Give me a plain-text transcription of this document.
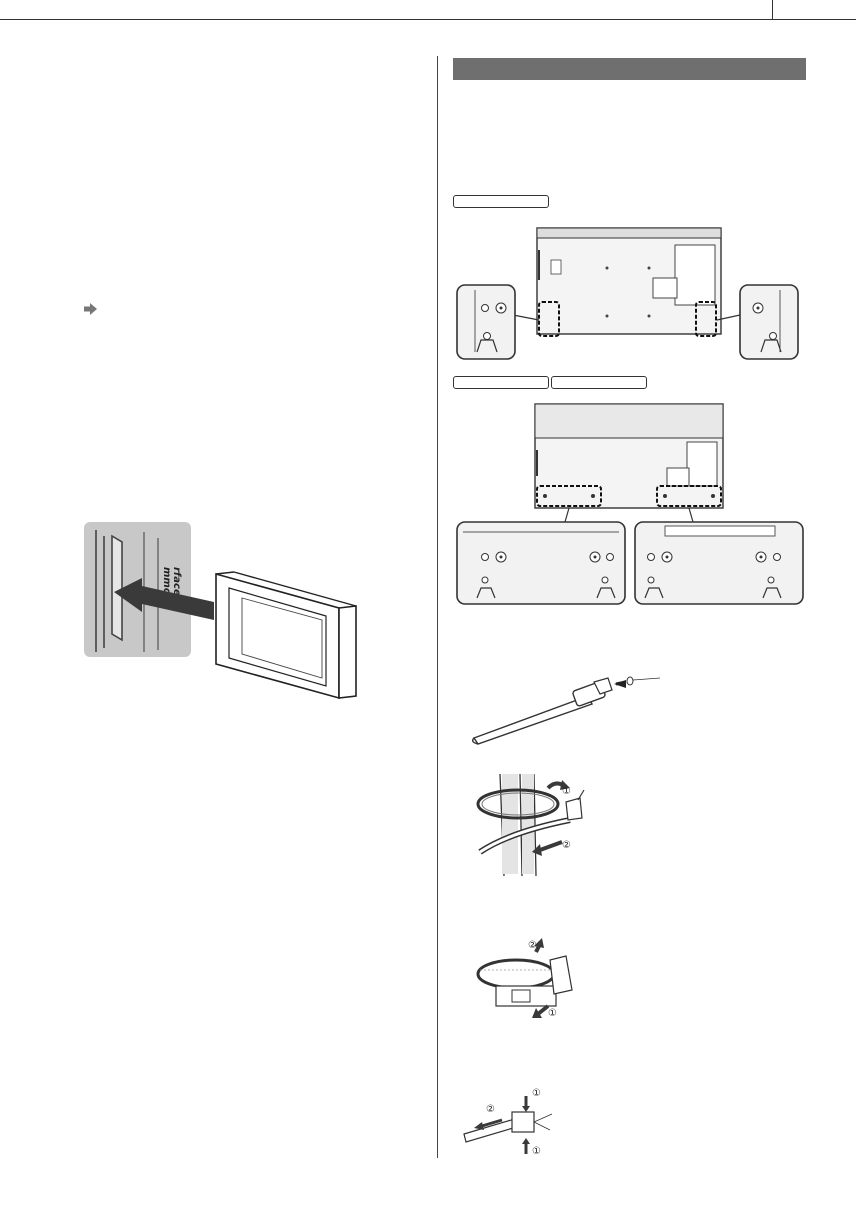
mmon rface
①
②
②
①
①
②
①
